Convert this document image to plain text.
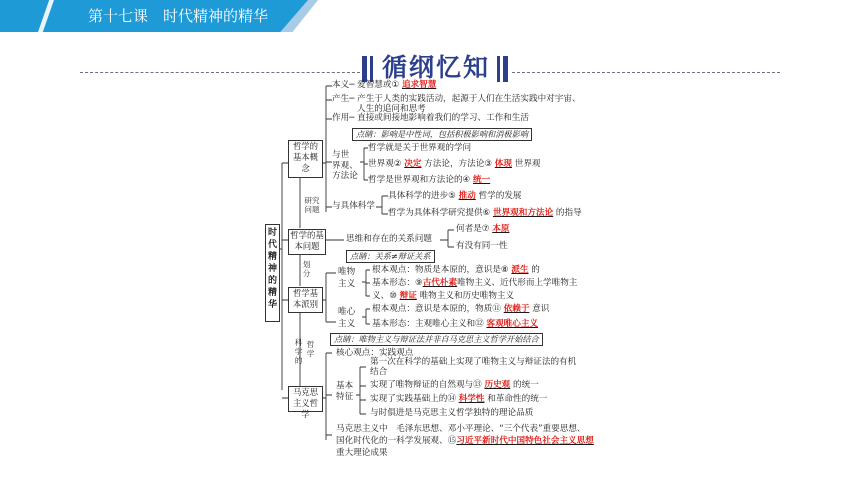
第十七课　时代精神的精华
循纲忆知
时代精神的精华
哲学的基本概念
本义─ 爱智慧或① 追求智慧
产生─ 产生于人类的实践活动，起源于人们在生活实践中对宇宙、
人生的追问和思考
作用─ 直接或间接地影响着我们的学习、工作和生活
点睛：影响是中性词，包括积极影响和消极影响
与世
界观、
方法论
哲学就是关于世界观的学问
世界观② 决定 方法论，方法论③ 体现 世界观
哲学是世界观和方法论的④ 统一
与具体科学
具体科学的进步⑤ 推动 哲学的发展
哲学为具体科学研究提供⑥ 世界观和方法论 的指导
研究问题
哲学的基本问题
思维和存在的关系问题
何者是⑦ 本原
有没有同一性
点睛：关系≠辩证关系
划分
哲学基本派别
唯物
主义
根本观点：物质是本原的，意识是⑧ 派生 的
基本形态：⑨古代朴素唯物主义、近代形而上学唯物主
义、⑩ 辩证 唯物主义和历史唯物主义
唯心
主义
根本观点：意识是本原的，物质⑪ 依赖于 意识
基本形态：主观唯心主义和⑫ 客观唯心主义
点睛：唯物主义与辩证法并非自马克思主义哲学开始结合
科学的
哲学
马克思主义哲学
核心观点：实践观点
基本
特征
第一次在科学的基础上实现了唯物主义与辩证法的有机
结合
实现了唯物辩证的自然观与⑬ 历史观 的统一
实现了实践基础上的⑭ 科学性 和革命性的统一
与时俱进是马克思主义哲学独特的理论品质
马克思主义中　毛泽东思想、邓小平理论、“三个代表”重要思想、
国化时代化的一科学发展观、⑮习近平新时代中国特色社会主义思想
重大理论成果
